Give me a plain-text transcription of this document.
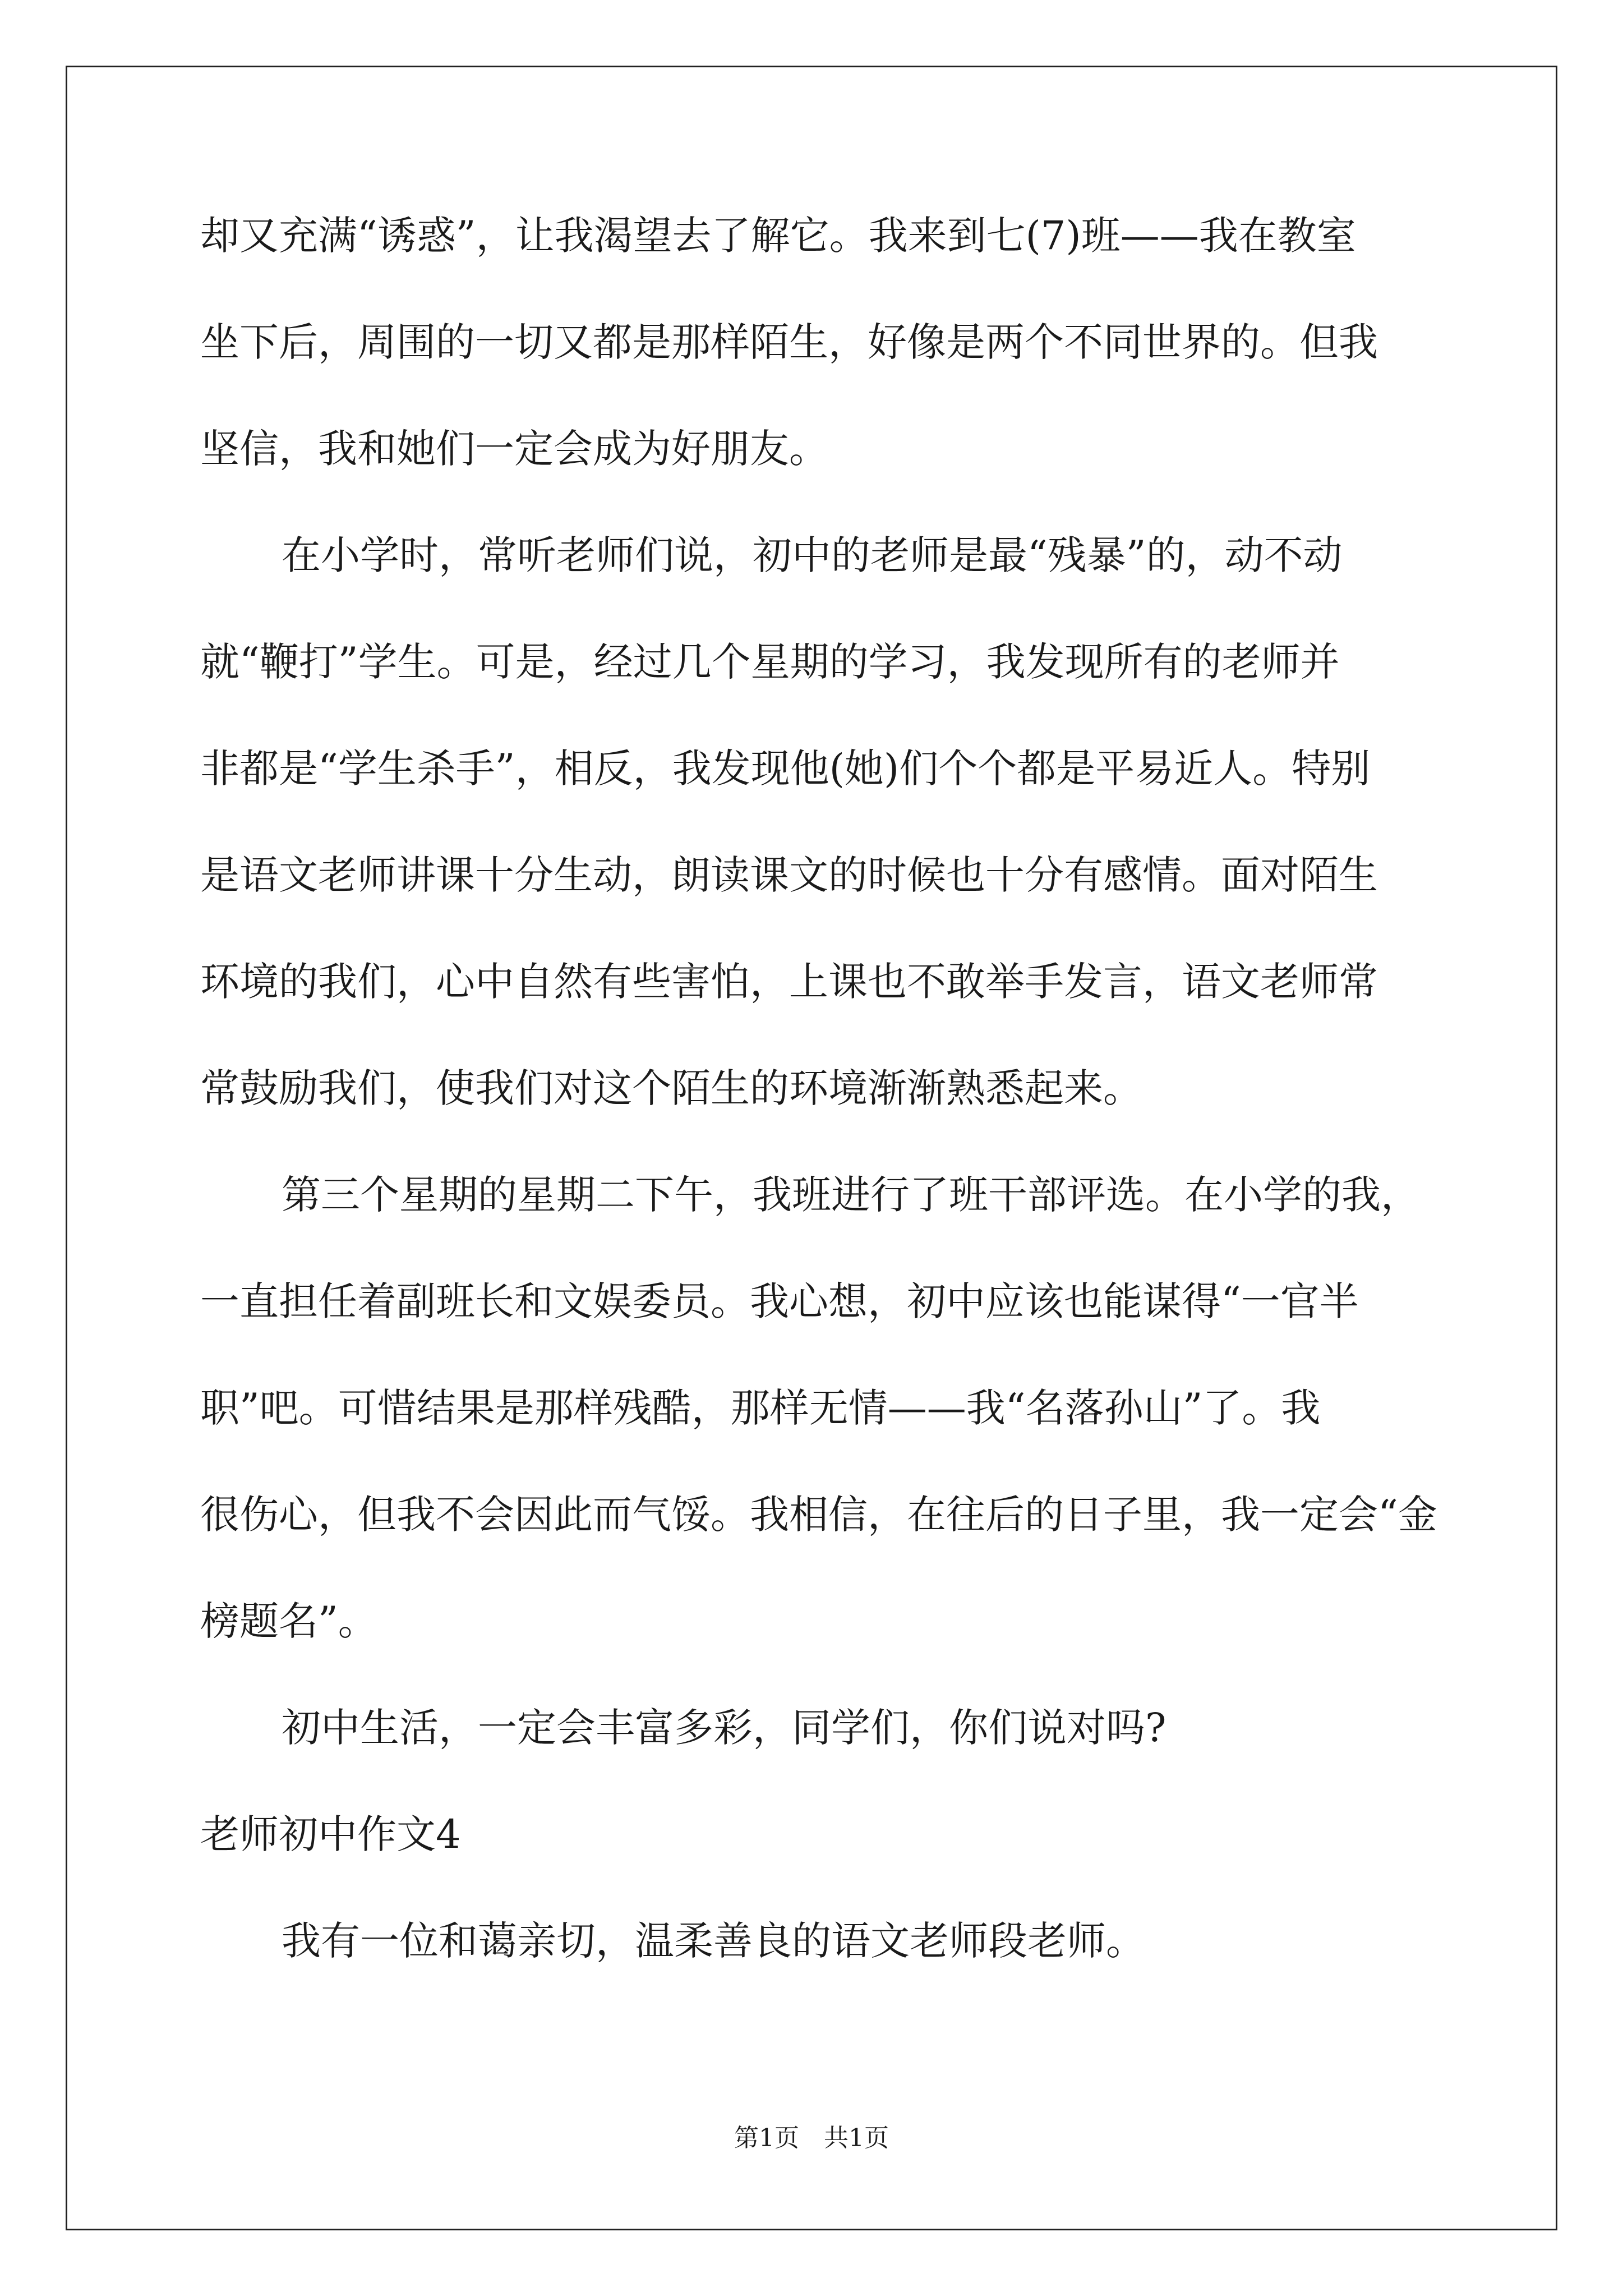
却又充满“诱惑”，让我渴望去了解它。我来到七(7)班——我在教室
坐下后，周围的一切又都是那样陌生，好像是两个不同世界的。但我
坚信，我和她们一定会成为好朋友。
在小学时，常听老师们说，初中的老师是最“残暴”的，动不动
就“鞭打”学生。可是，经过几个星期的学习，我发现所有的老师并
非都是“学生杀手”，相反，我发现他(她)们个个都是平易近人。特别
是语文老师讲课十分生动，朗读课文的时候也十分有感情。面对陌生
环境的我们，心中自然有些害怕，上课也不敢举手发言，语文老师常
常鼓励我们，使我们对这个陌生的环境渐渐熟悉起来。
第三个星期的星期二下午，我班进行了班干部评选。在小学的我，
一直担任着副班长和文娱委员。我心想，初中应该也能谋得“一官半
职”吧。可惜结果是那样残酷，那样无情——我“名落孙山”了。我
很伤心，但我不会因此而气馁。我相信，在往后的日子里，我一定会“金
榜题名”。
初中生活，一定会丰富多彩，同学们，你们说对吗?
老师初中作文4
我有一位和蔼亲切，温柔善良的语文老师段老师。
第1页　共1页
